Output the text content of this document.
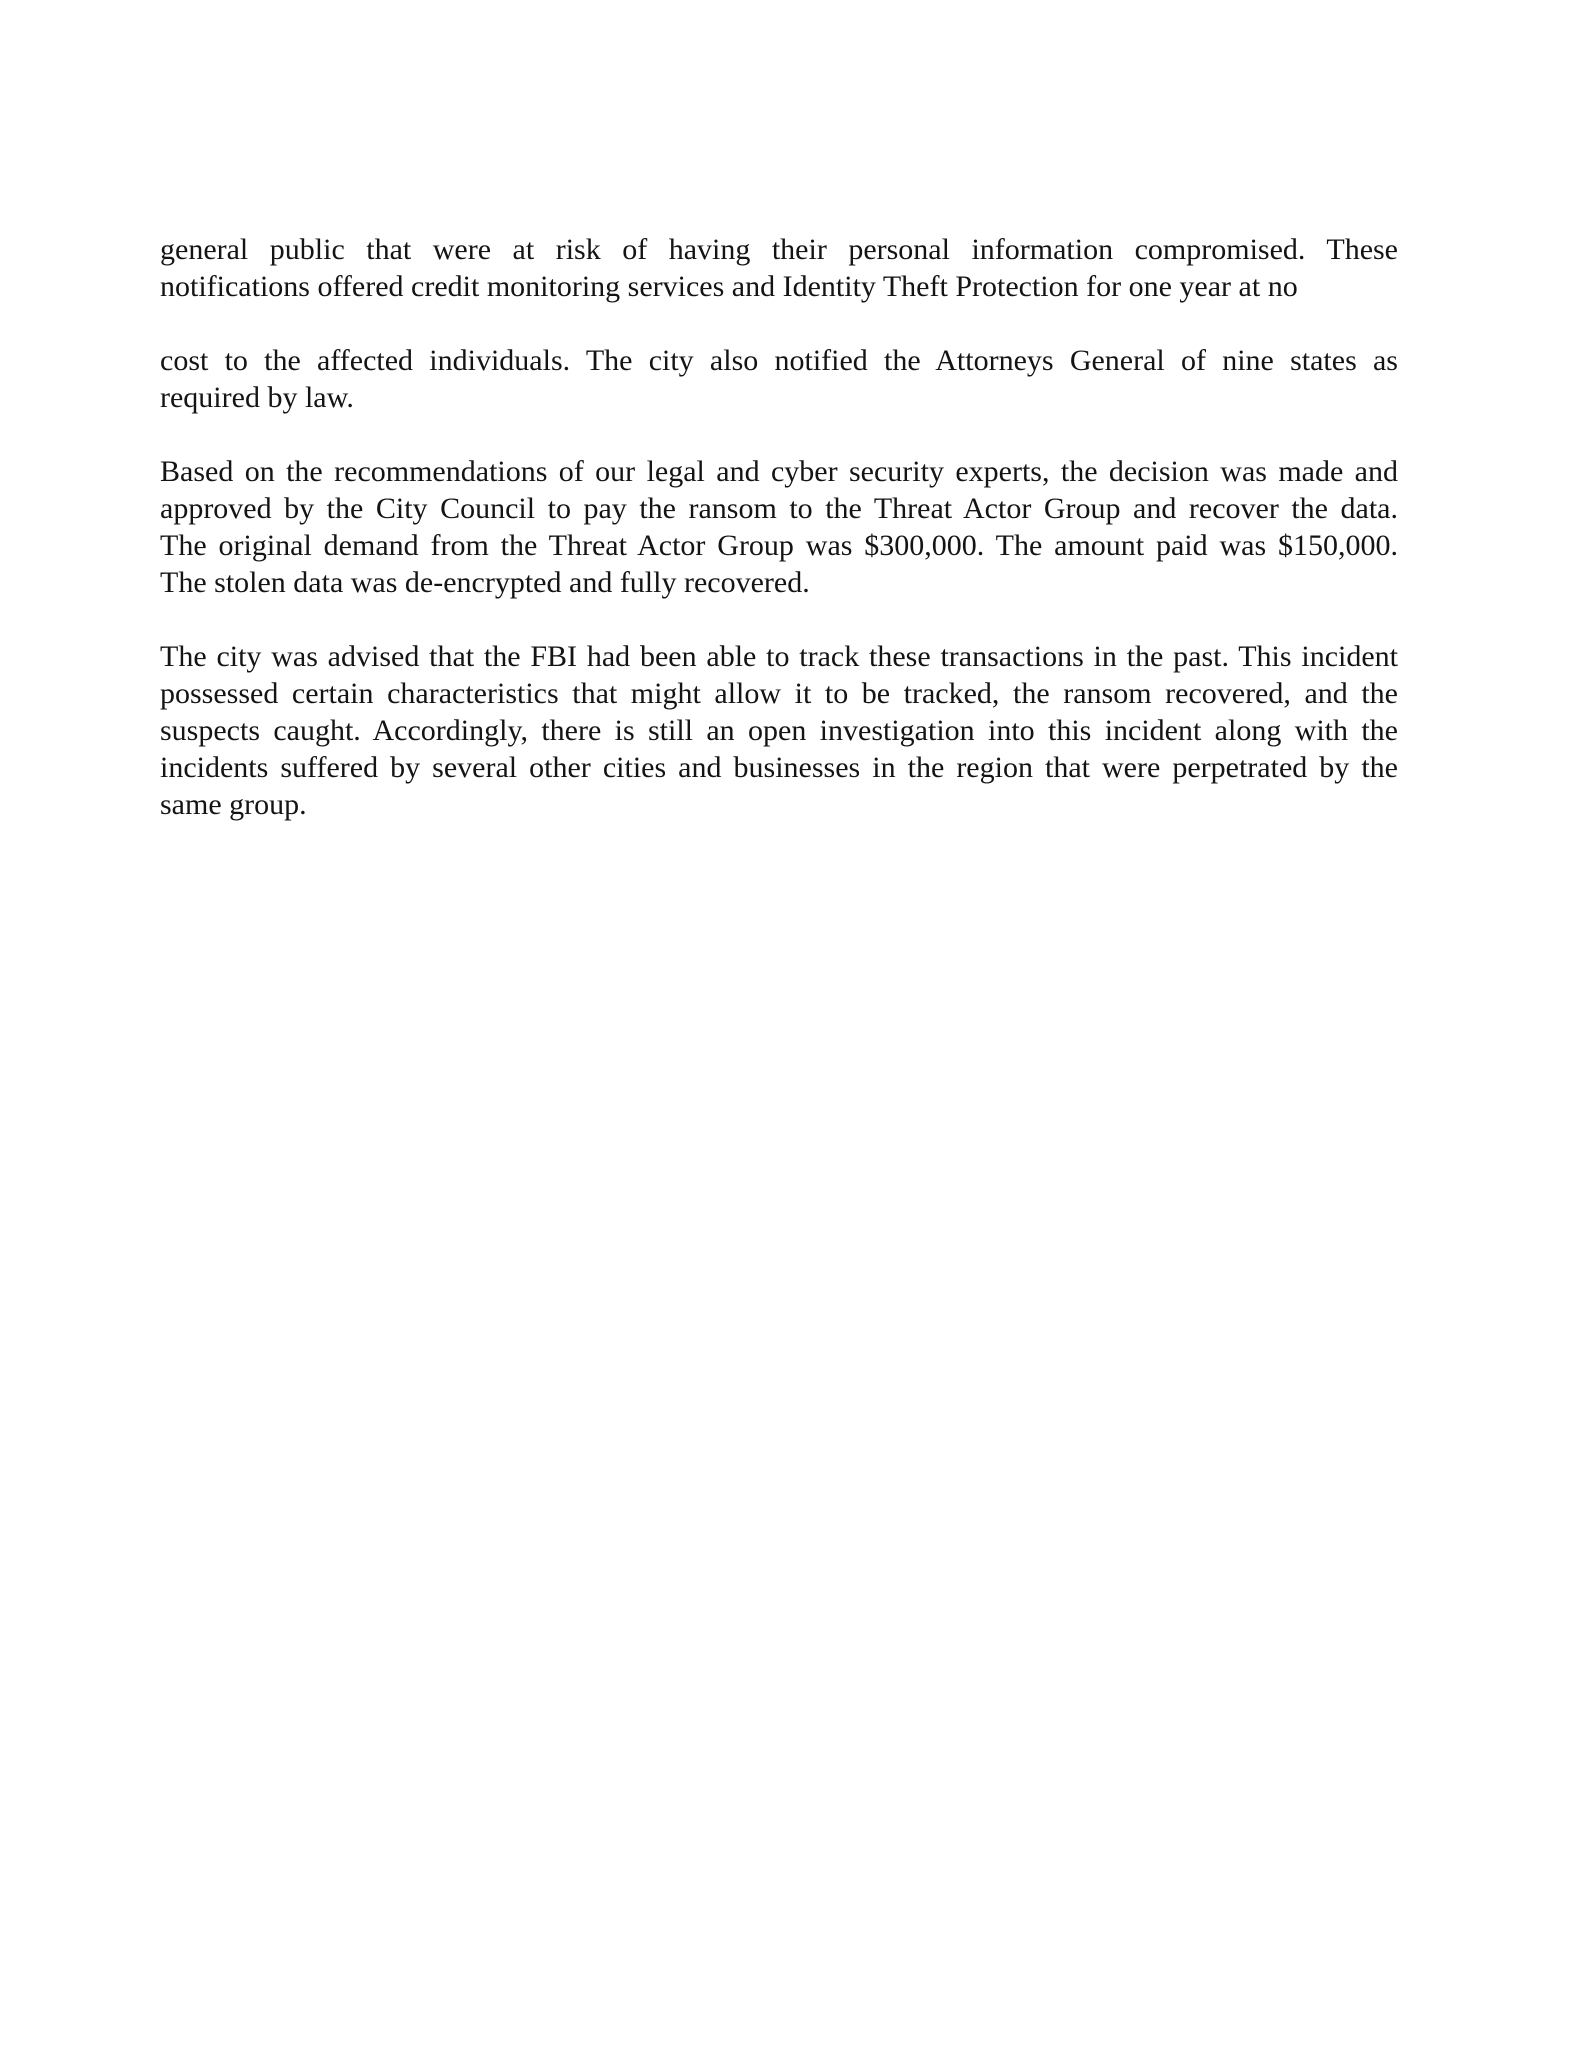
general public that were at risk of having their personal information compromised. These
notifications offered credit monitoring services and Identity Theft Protection for one year at no
cost to the affected individuals. The city also notified the Attorneys General of nine states as
required by law.
Based on the recommendations of our legal and cyber security experts, the decision was made and
approved by the City Council to pay the ransom to the Threat Actor Group and recover the data.
The original demand from the Threat Actor Group was $300,000. The amount paid was $150,000.
The stolen data was de-encrypted and fully recovered.
The city was advised that the FBI had been able to track these transactions in the past. This incident
possessed certain characteristics that might allow it to be tracked, the ransom recovered, and the
suspects caught. Accordingly, there is still an open investigation into this incident along with the
incidents suffered by several other cities and businesses in the region that were perpetrated by the
same group.
